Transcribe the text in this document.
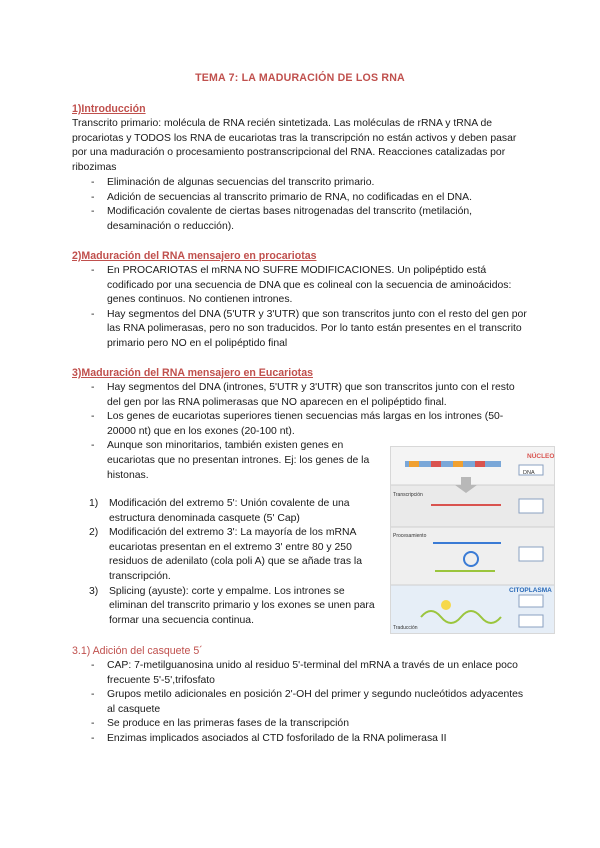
TEMA 7: LA MADURACIÓN DE LOS RNA
1)Introducción
Transcrito primario: molécula de RNA recién sintetizada. Las moléculas de rRNA y tRNA de procariotas y TODOS los RNA de eucariotas tras la transcripción no están activos y deben pasar por una maduración o procesamiento postranscripcional del RNA. Reacciones catalizadas por ribozimas
- Eliminación de algunas secuencias del transcrito primario.
- Adición de secuencias al transcrito primario de RNA, no codificadas en el DNA.
- Modificación covalente de ciertas bases nitrogenadas del transcrito (metilación, desaminación o reducción).
2)Maduración del RNA mensajero en procariotas
- En PROCARIOTAS el mRNA NO SUFRE MODIFICACIONES. Un polipéptido está codificado por una secuencia de DNA que es colineal con la secuencia de aminoácidos: genes continuos. No contienen intrones.
- Hay segmentos del DNA (5'UTR y 3'UTR) que son transcritos junto con el resto del gen por las RNA polimerasas, pero no son traducidos. Por lo tanto están presentes en el transcrito primario pero NO en el polipéptido final
3)Maduración del RNA mensajero en Eucariotas
- Hay segmentos del DNA (intrones, 5'UTR y 3'UTR) que son transcritos junto con el resto del gen por las RNA polimerasas que NO aparecen en el polipéptido final.
- Los genes de eucariotas superiores tienen secuencias más largas en los intrones (50-20000 nt) que en los exones (20-100 nt).
- Aunque son minoritarios, también existen genes en eucariotas que no presentan intrones. Ej: los genes de la histonas.
1) Modificación del extremo 5': Unión covalente de una estructura denominada casquete (5' Cap)
2) Modificación del extremo 3': La mayoría de los mRNA eucariotas presentan en el extremo 3' entre 80 y 250 residuos de adenilato (cola poli A) que se añade tras la transcripción.
3) Splicing (ayuste): corte y empalme. Los intrones se eliminan del transcrito primario y los exones se unen para formar una secuencia continua.
NÚCLEO
DNA
CITOPLASMA
Transcripción
Procesamiento
Traducción
3.1) Adición del casquete 5´
- CAP: 7-metilguanosina unido al residuo 5'-terminal del mRNA a través de un enlace poco frecuente 5'-5',trifosfato
- Grupos metilo adicionales en posición 2'-OH del primer y segundo nucleótidos adyacentes al casquete
- Se produce en las primeras fases de la transcripción
- Enzimas implicados asociados al CTD fosforilado de la RNA polimerasa II
